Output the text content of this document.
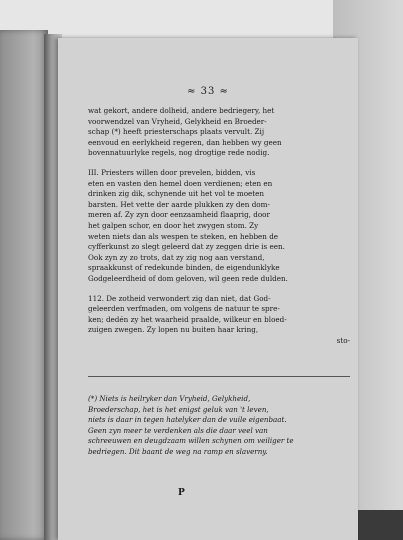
≈ 33 ≈
wat gekort, andere dolheid, andere bedriegery, het
voorwendzel van Vryheid, Gelykheid en Broeder-
schap (*) heeft priesterschaps plaats vervult. Zij
eenvoud en eerlykheid regeren, dan hebben wy geen
bovennatuurlyke regels, nog drogtige rede nodig.
III. Priesters willen door prevelen, bidden, vis
eten en vasten den hemel doen verdienen; eten en
drinken zig dik, schynende uit het vol te moeten
barsten. Het vette der aarde plukken zy den dom-
meren af. Zy zyn door eenzaamheid flaaprig, door
het galpen schor, en door het zwygen stom. Zy
weten niets dan als wespen te steken, en hebben de
cyfferkunst zo slegt geleerd dat zy zeggen drie is een.
Ook zyn zy zo trots, dat zy zig nog aan verstand,
spraakkunst of redekunde binden, de eigendunklyke
Godgeleerdheid of dom geloven, wil geen rede dulden.
112. De zotheid verwondert zig dan niet, dat God-
geleerden verfmaden, om volgens de natuur te spre-
ken; dedén zy het waarheid praalde, wilkeur en bloed-
zuigen zwegen. Zy lopen nu buiten haar kring,
sto-
(*) Niets is heilryker dan Vryheid, Gelykheid,
Broederschap, het is het enigst geluk van 't leven,
niets is daar in tegen hatelyker dan de vuile eigenbaat.
Geen zyn meer te verdenken als die daar veel van
schreeuwen en deugdzaam willen schynen om veiliger te
bedriegen. Dit baant de weg na ramp en slaverny.
P
